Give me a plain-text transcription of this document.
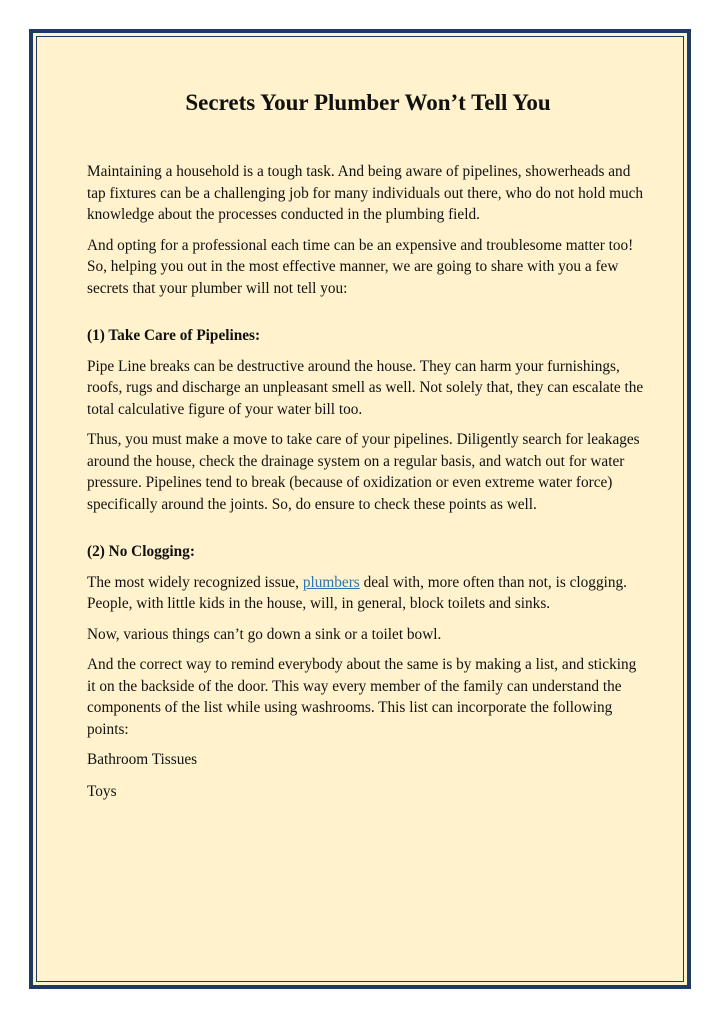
Secrets Your Plumber Won’t Tell You

Maintaining a household is a tough task. And being aware of pipelines, showerheads and tap fixtures can be a challenging job for many individuals out there, who do not hold much knowledge about the processes conducted in the plumbing field.

And opting for a professional each time can be an expensive and troublesome matter too! So, helping you out in the most effective manner, we are going to share with you a few secrets that your plumber will not tell you:

(1) Take Care of Pipelines:

Pipe Line breaks can be destructive around the house. They can harm your furnishings, roofs, rugs and discharge an unpleasant smell as well. Not solely that, they can escalate the total calculative figure of your water bill too.

Thus, you must make a move to take care of your pipelines. Diligently search for leakages around the house, check the drainage system on a regular basis, and watch out for water pressure. Pipelines tend to break (because of oxidization or even extreme water force) specifically around the joints. So, do ensure to check these points as well.

(2) No Clogging:

The most widely recognized issue, plumbers deal with, more often than not, is clogging. People, with little kids in the house, will, in general, block toilets and sinks.

Now, various things can’t go down a sink or a toilet bowl.

And the correct way to remind everybody about the same is by making a list, and sticking it on the backside of the door. This way every member of the family can understand the components of the list while using washrooms. This list can incorporate the following points:

Bathroom Tissues

Toys
